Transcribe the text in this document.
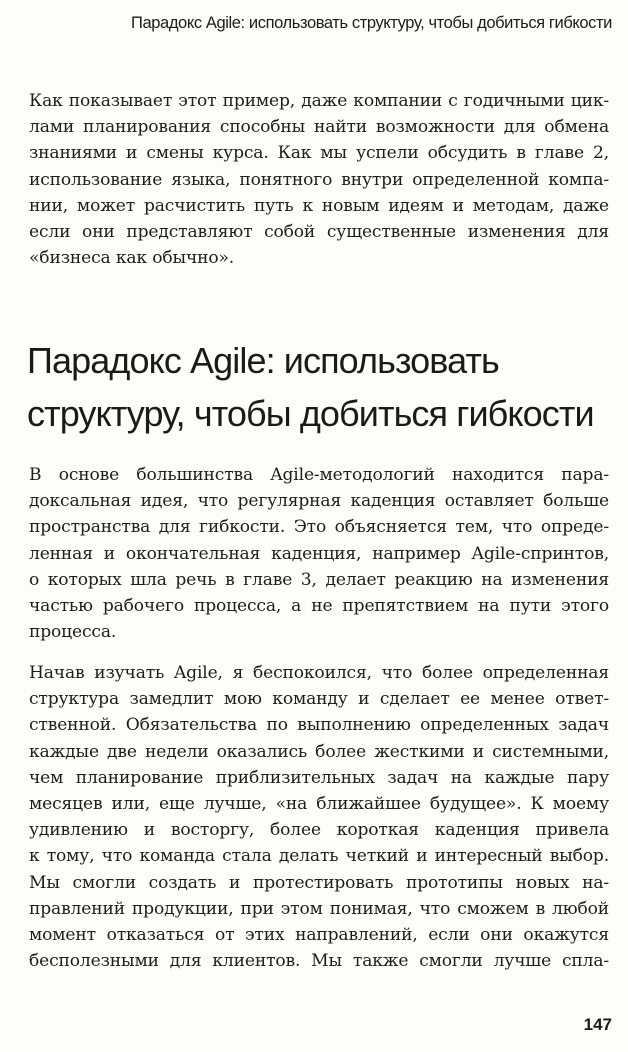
Парадокс Agile: использовать структуру, чтобы добиться гибкости
Как показывает этот пример, даже компании с годичными цик-
лами планирования способны найти возможности для обмена
знаниями и смены курса. Как мы успели обсудить в главе 2,
использование языка, понятного внутри определенной компа-
нии, может расчистить путь к новым идеям и методам, даже
если они представляют собой существенные изменения для
«бизнеса как обычно».
Парадокс Agile: использовать
структуру, чтобы добиться гибкости
В основе большинства Agile-методологий находится пара-
доксальная идея, что регулярная каденция оставляет больше
пространства для гибкости. Это объясняется тем, что опреде-
ленная и окончательная каденция, например Agile-спринтов,
о которых шла речь в главе 3, делает реакцию на изменения
частью рабочего процесса, а не препятствием на пути этого
процесса.
Начав изучать Agile, я беспокоился, что более определенная
структура замедлит мою команду и сделает ее менее ответ-
ственной. Обязательства по выполнению определенных задач
каждые две недели оказались более жесткими и системными,
чем планирование приблизительных задач на каждые пару
месяцев или, еще лучше, «на ближайшее будущее». К моему
удивлению и восторгу, более короткая каденция привела
к тому, что команда стала делать четкий и интересный выбор.
Мы смогли создать и протестировать прототипы новых на-
правлений продукции, при этом понимая, что сможем в любой
момент отказаться от этих направлений, если они окажутся
бесполезными для клиентов. Мы также смогли лучше спла-
147
